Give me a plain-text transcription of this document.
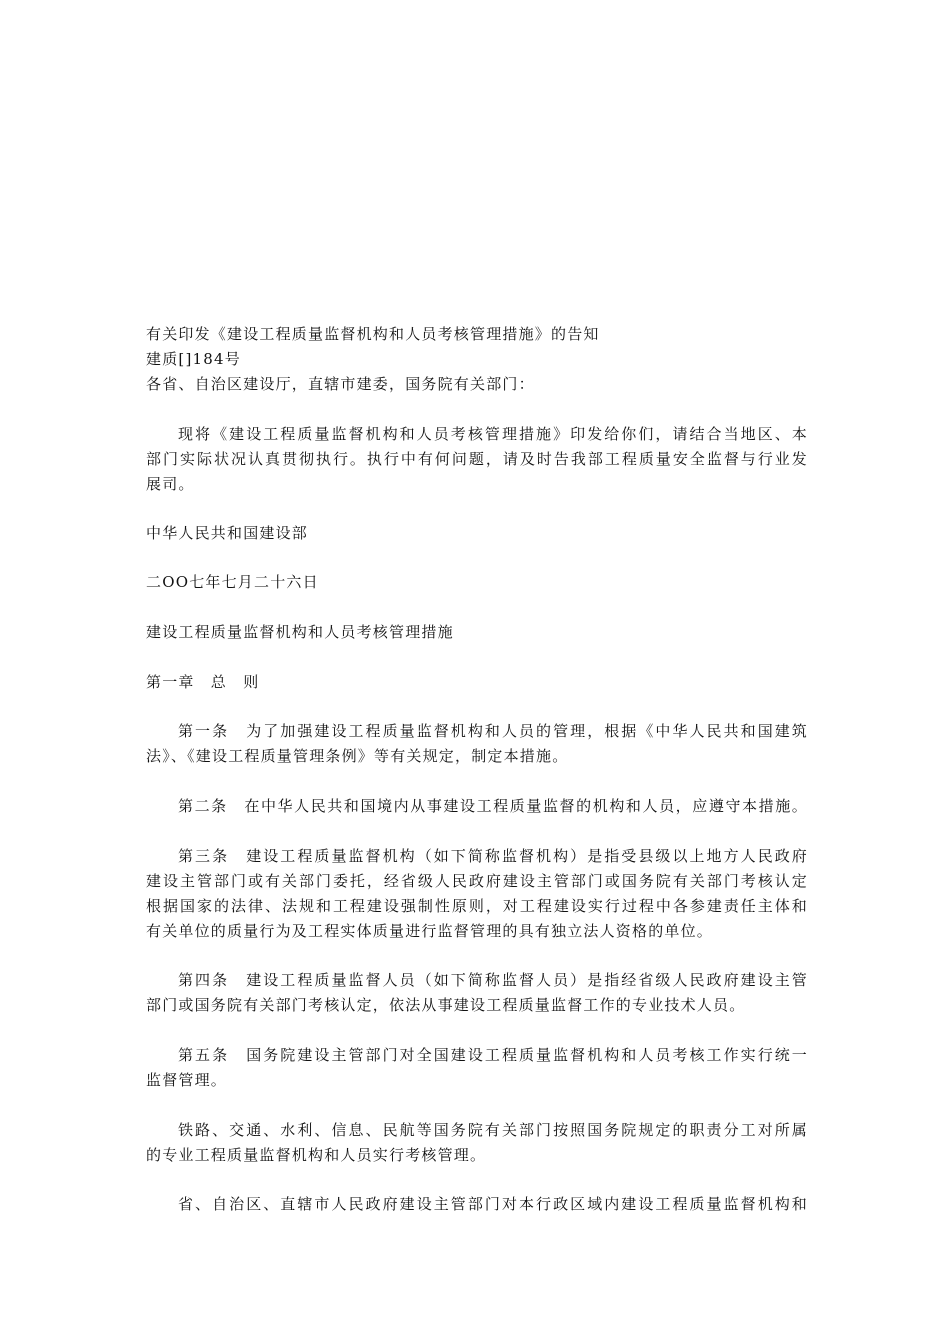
有关印发《建设工程质量监督机构和人员考核管理措施》的告知
建质[]184号
各省、自治区建设厅，直辖市建委，国务院有关部门：
现将《建设工程质量监督机构和人员考核管理措施》印发给你们，请结合当地区、本
部门实际状况认真贯彻执行。执行中有何问题，请及时告我部工程质量安全监督与行业发
展司。
中华人民共和国建设部
二OO七年七月二十六日
建设工程质量监督机构和人员考核管理措施
第一章　总　则
第一条　为了加强建设工程质量监督机构和人员的管理，根据《中华人民共和国建筑
法》、《建设工程质量管理条例》等有关规定，制定本措施。
第二条　在中华人民共和国境内从事建设工程质量监督的机构和人员，应遵守本措施。
第三条　建设工程质量监督机构（如下简称监督机构）是指受县级以上地方人民政府
建设主管部门或有关部门委托，经省级人民政府建设主管部门或国务院有关部门考核认定
根据国家的法律、法规和工程建设强制性原则，对工程建设实行过程中各参建责任主体和
有关单位的质量行为及工程实体质量进行监督管理的具有独立法人资格的单位。
第四条　建设工程质量监督人员（如下简称监督人员）是指经省级人民政府建设主管
部门或国务院有关部门考核认定，依法从事建设工程质量监督工作的专业技术人员。
第五条　国务院建设主管部门对全国建设工程质量监督机构和人员考核工作实行统一
监督管理。
铁路、交通、水利、信息、民航等国务院有关部门按照国务院规定的职责分工对所属
的专业工程质量监督机构和人员实行考核管理。
省、自治区、直辖市人民政府建设主管部门对本行政区域内建设工程质量监督机构和
